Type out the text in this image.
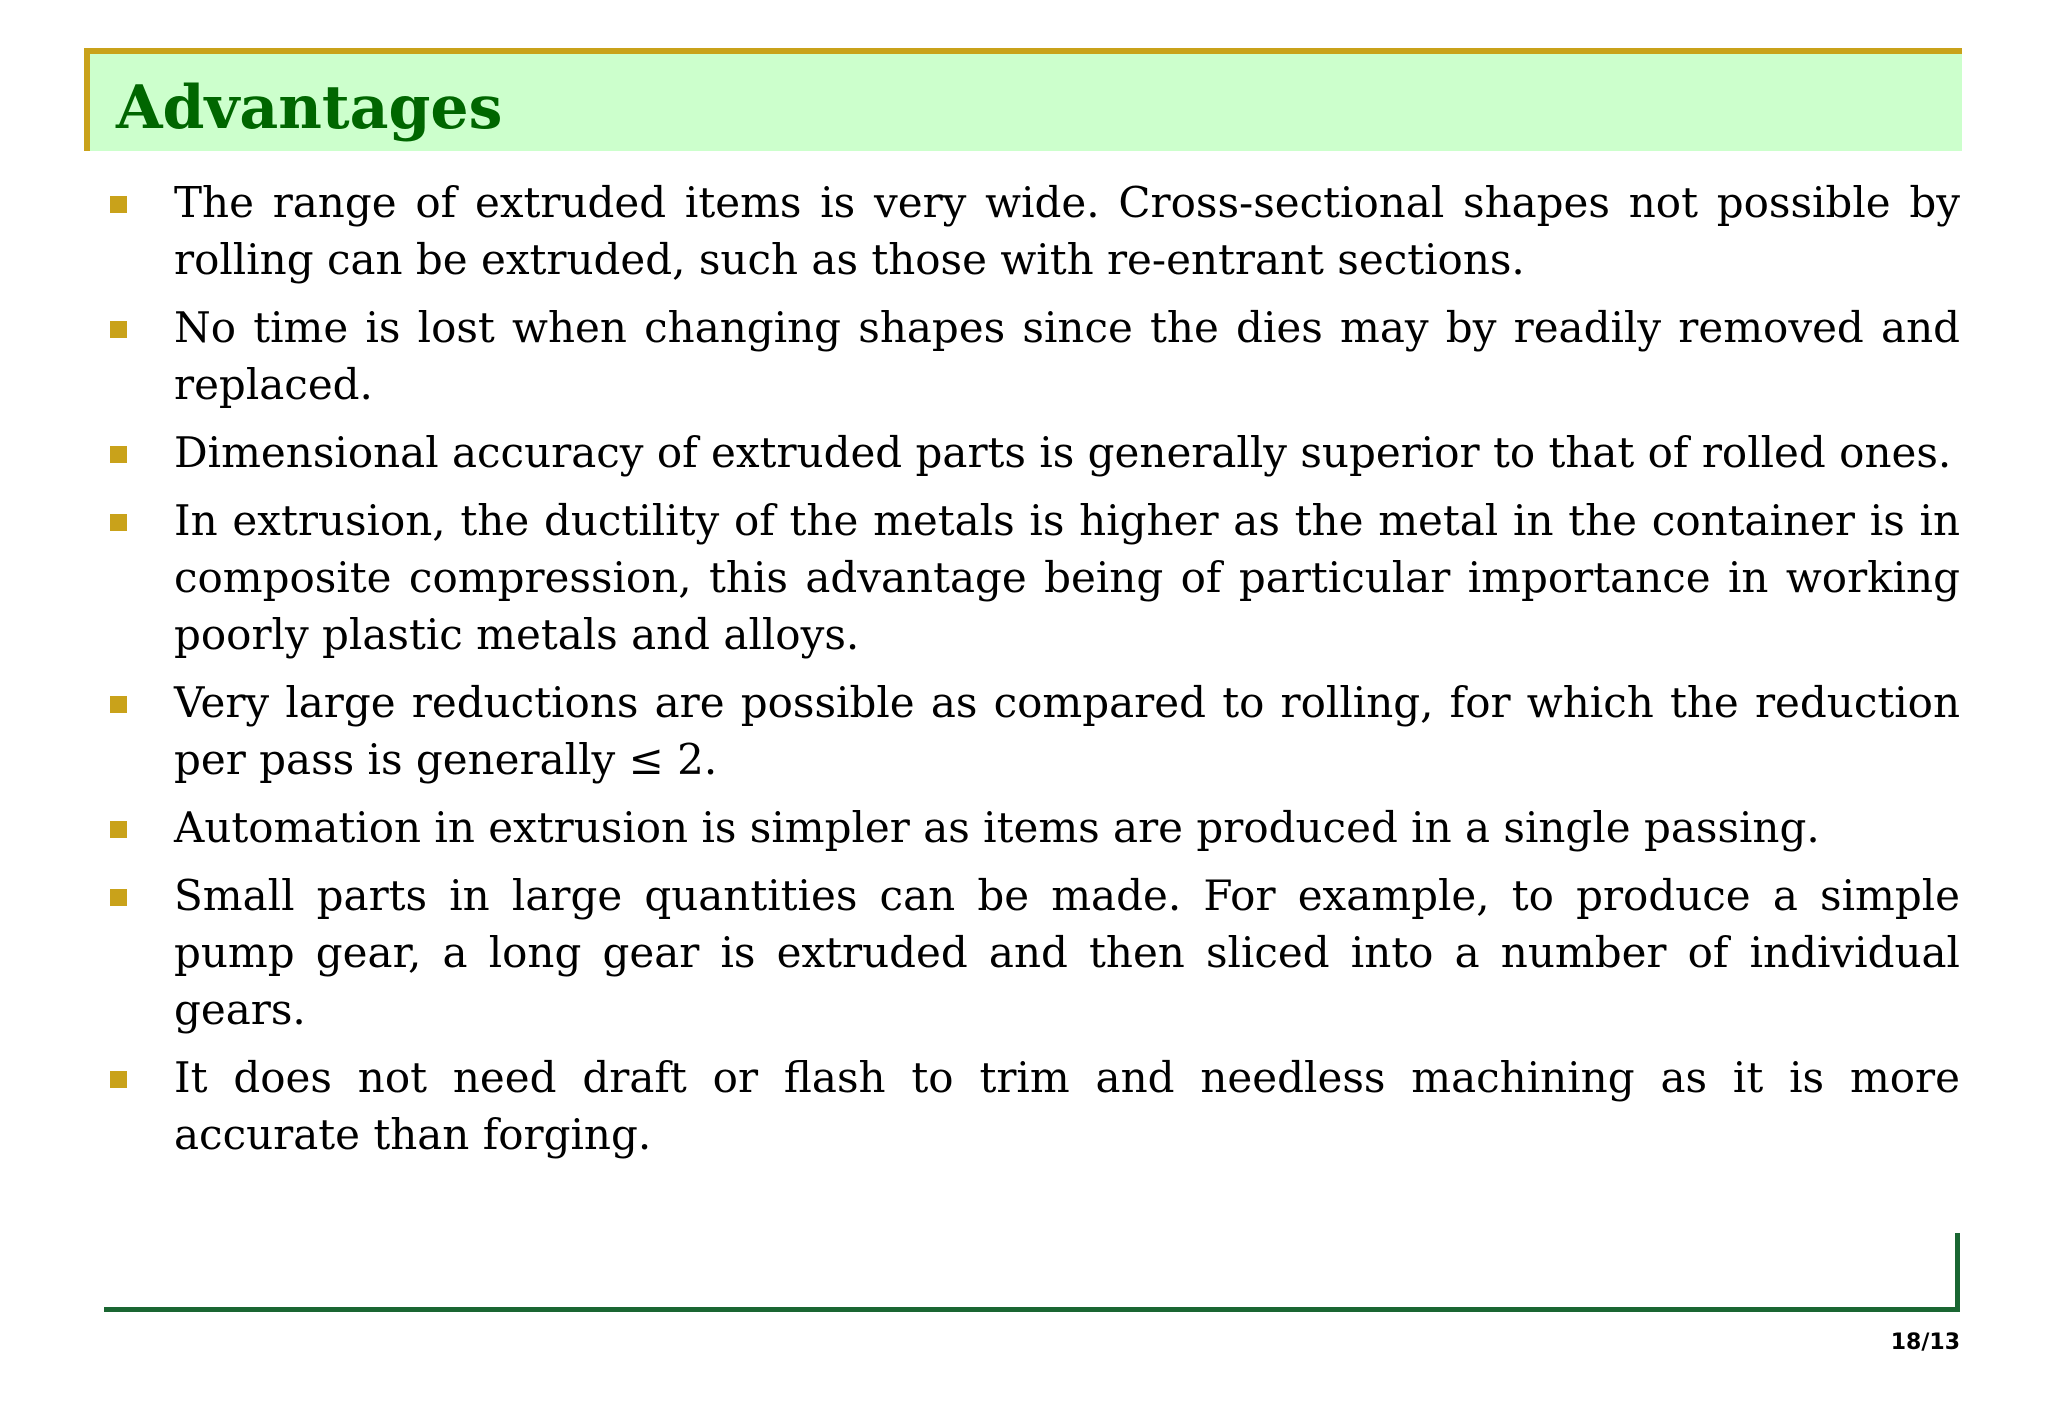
Advantages
The range of extruded items is very wide. Cross-sectional shapes not possible by rolling can be extruded, such as those with re-entrant sections.
No time is lost when changing shapes since the dies may by readily removed and replaced.
Dimensional accuracy of extruded parts is generally superior to that of rolled ones.
In extrusion, the ductility of the metals is higher as the metal in the container is in composite compression, this advantage being of particular importance in working poorly plastic metals and alloys.
Very large reductions are possible as compared to rolling, for which the reduction per pass is generally ≤ 2.
Automation in extrusion is simpler as items are produced in a single passing.
Small parts in large quantities can be made. For example, to produce a simple pump gear, a long gear is extruded and then sliced into a number of individual gears.
It does not need draft or flash to trim and needless machining as it is more accurate than forging.
18/13
